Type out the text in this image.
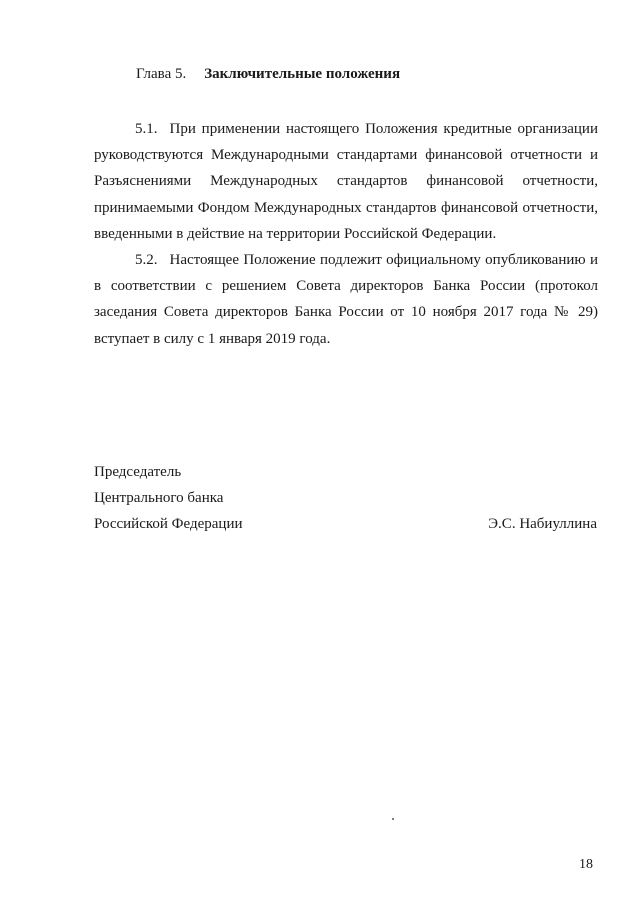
Глава 5. Заключительные положения
5.1. При применении настоящего Положения кредитные организации руководствуются Международными стандартами финансовой отчетности и Разъяснениями Международных стандартов финансовой отчетности, принимаемыми Фондом Международных стандартов финансовой отчетности, введенными в действие на территории Российской Федерации.
5.2. Настоящее Положение подлежит официальному опубликованию и в соответствии с решением Совета директоров Банка России (протокол заседания Совета директоров Банка России от 10 ноября 2017 года № 29) вступает в силу с 1 января 2019 года.
Председатель
Центрального банка
Российской Федерации	Э.С. Набиуллина
18
